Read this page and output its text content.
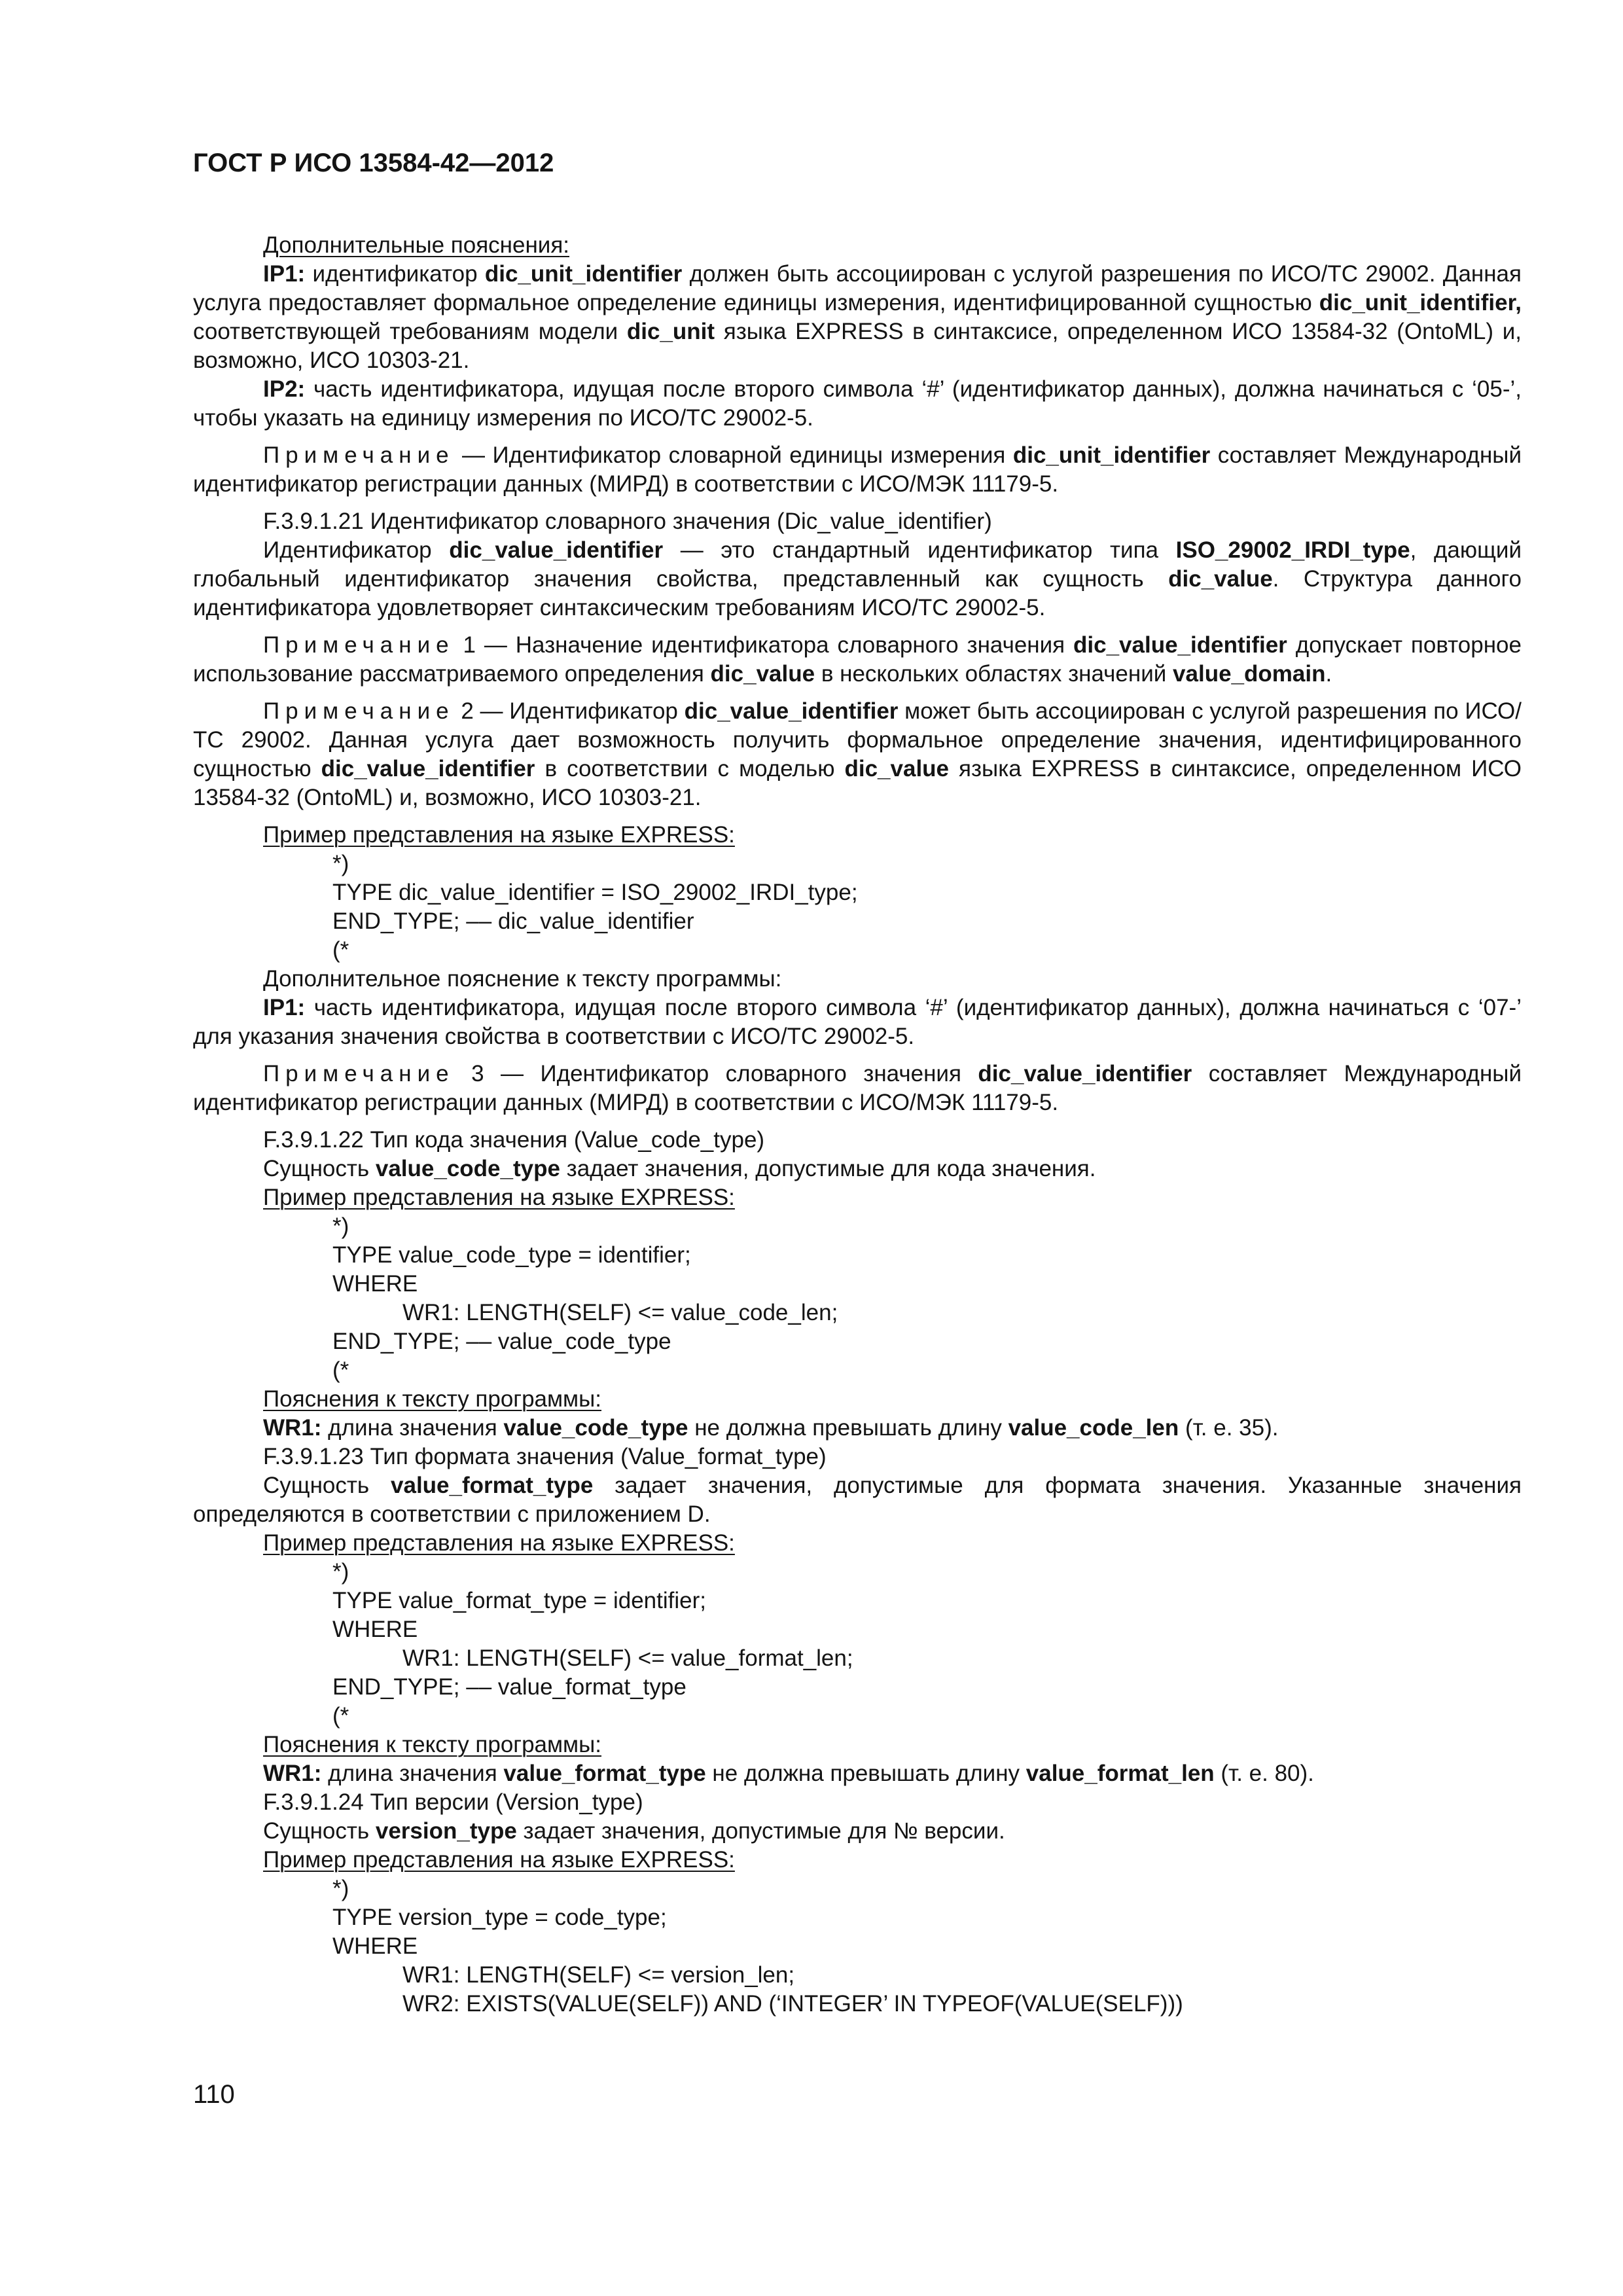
ГОСТ Р ИСО 13584-42—2012

Дополнительные пояснения:

IP1: идентификатор dic_unit_identifier должен быть ассоциирован с услугой разрешения по ИСО/ТС 29002. Данная услуга предоставляет формальное определение единицы измерения, идентифицированной сущностью dic_unit_identifier, соответствующей требованиям модели dic_unit языка EXPRESS в синтаксисе, определенном ИСО 13584-32 (OntoML) и, возможно, ИСО 10303-21.

IP2: часть идентификатора, идущая после второго символа ‘#’ (идентификатор данных), должна начинаться с ‘05-’, чтобы указать на единицу измерения по ИСО/ТС 29002-5.

Примечание — Идентификатор словарной единицы измерения dic_unit_identifier составляет Международный идентификатор регистрации данных (МИРД) в соответствии с ИСО/МЭК 11179-5.

F.3.9.1.21 Идентификатор словарного значения (Dic_value_identifier)

Идентификатор dic_value_identifier — это стандартный идентификатор типа ISO_29002_IRDI_type, дающий глобальный идентификатор значения свойства, представленный как сущность dic_value. Структура данного идентификатора удовлетворяет синтаксическим требованиям ИСО/ТС 29002-5.

Примечание 1 — Назначение идентификатора словарного значения dic_value_identifier допускает повторное использование рассматриваемого определения dic_value в нескольких областях значений value_domain.

Примечание 2 — Идентификатор dic_value_identifier может быть ассоциирован с услугой разрешения по ИСО/ТС 29002. Данная услуга дает возможность получить формальное определение значения, идентифицированного сущностью dic_value_identifier в соответствии с моделью dic_value языка EXPRESS в синтаксисе, определенном ИСО 13584-32 (OntoML) и, возможно, ИСО 10303-21.

Пример представления на языке EXPRESS:

*)

TYPE dic_value_identifier = ISO_29002_IRDI_type;

END_TYPE; –– dic_value_identifier

(*

Дополнительное пояснение к тексту программы:

IP1: часть идентификатора, идущая после второго символа ‘#’ (идентификатор данных), должна начинаться с ‘07-’ для указания значения свойства в соответствии с ИСО/ТС 29002-5.

Примечание 3 — Идентификатор словарного значения dic_value_identifier составляет Международный идентификатор регистрации данных (МИРД) в соответствии с ИСО/МЭК 11179-5.

F.3.9.1.22 Тип кода значения (Value_code_type)

Сущность value_code_type задает значения, допустимые для кода значения.

Пример представления на языке EXPRESS:

*)

TYPE value_code_type = identifier;

WHERE

WR1: LENGTH(SELF) <= value_code_len;

END_TYPE; –– value_code_type

(*

Пояснения к тексту программы:

WR1: длина значения value_code_type не должна превышать длину value_code_len (т. е. 35).

F.3.9.1.23 Тип формата значения (Value_format_type)

Сущность value_format_type задает значения, допустимые для формата значения. Указанные значения определяются в соответствии с приложением D.

Пример представления на языке EXPRESS:

*)

TYPE value_format_type = identifier;

WHERE

WR1: LENGTH(SELF) <= value_format_len;

END_TYPE; –– value_format_type

(*

Пояснения к тексту программы:

WR1: длина значения value_format_type не должна превышать длину value_format_len (т. е. 80).

F.3.9.1.24 Тип версии (Version_type)

Сущность version_type задает значения, допустимые для № версии.

Пример представления на языке EXPRESS:

*)

TYPE version_type = code_type;

WHERE

WR1: LENGTH(SELF) <= version_len;

WR2: EXISTS(VALUE(SELF)) AND (‘INTEGER’ IN TYPEOF(VALUE(SELF)))

110
